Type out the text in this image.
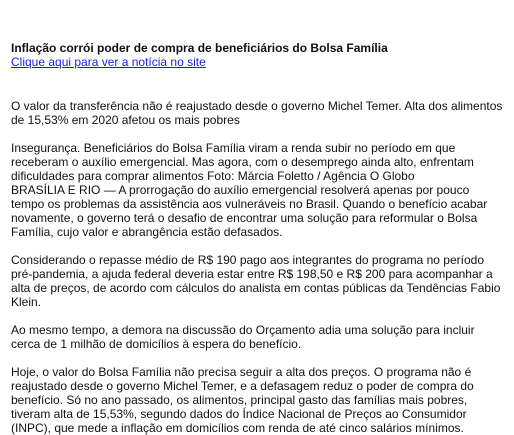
Inflação corrói poder de compra de beneficiários do Bolsa Família

Clique aqui para ver a notícia no site

O valor da transferência não é reajustado desde o governo Michel Temer. Alta dos alimentos de 15,53% em 2020 afetou os mais pobres

Insegurança. Beneficiários do Bolsa Família viram a renda subir no período em que receberam o auxílio emergencial. Mas agora, com o desemprego ainda alto, enfrentam dificuldades para comprar alimentos Foto: Márcia Foletto / Agência O Globo

BRASÍLIA E RIO — A prorrogação do auxílio emergencial resolverá apenas por pouco tempo os problemas da assistência aos vulneráveis no Brasil. Quando o benefício acabar novamente, o governo terá o desafio de encontrar uma solução para reformular o Bolsa Família, cujo valor e abrangência estão defasados.

Considerando o repasse médio de R$ 190 pago aos integrantes do programa no período pré-pandemia, a ajuda federal deveria estar entre R$ 198,50 e R$ 200 para acompanhar a alta de preços, de acordo com cálculos do analista em contas públicas da Tendências Fabio Klein.

Ao mesmo tempo, a demora na discussão do Orçamento adia uma solução para incluir cerca de 1 milhão de domicílios à espera do benefício.

Hoje, o valor do Bolsa Família não precisa seguir a alta dos preços. O programa não é reajustado desde o governo Michel Temer, e a defasagem reduz o poder de compra do benefício. Só no ano passado, os alimentos, principal gasto das famílias mais pobres, tiveram alta de 15,53%, segundo dados do Índice Nacional de Preços ao Consumidor (INPC), que mede a inflação em domicílios com renda de até cinco salários mínimos.
